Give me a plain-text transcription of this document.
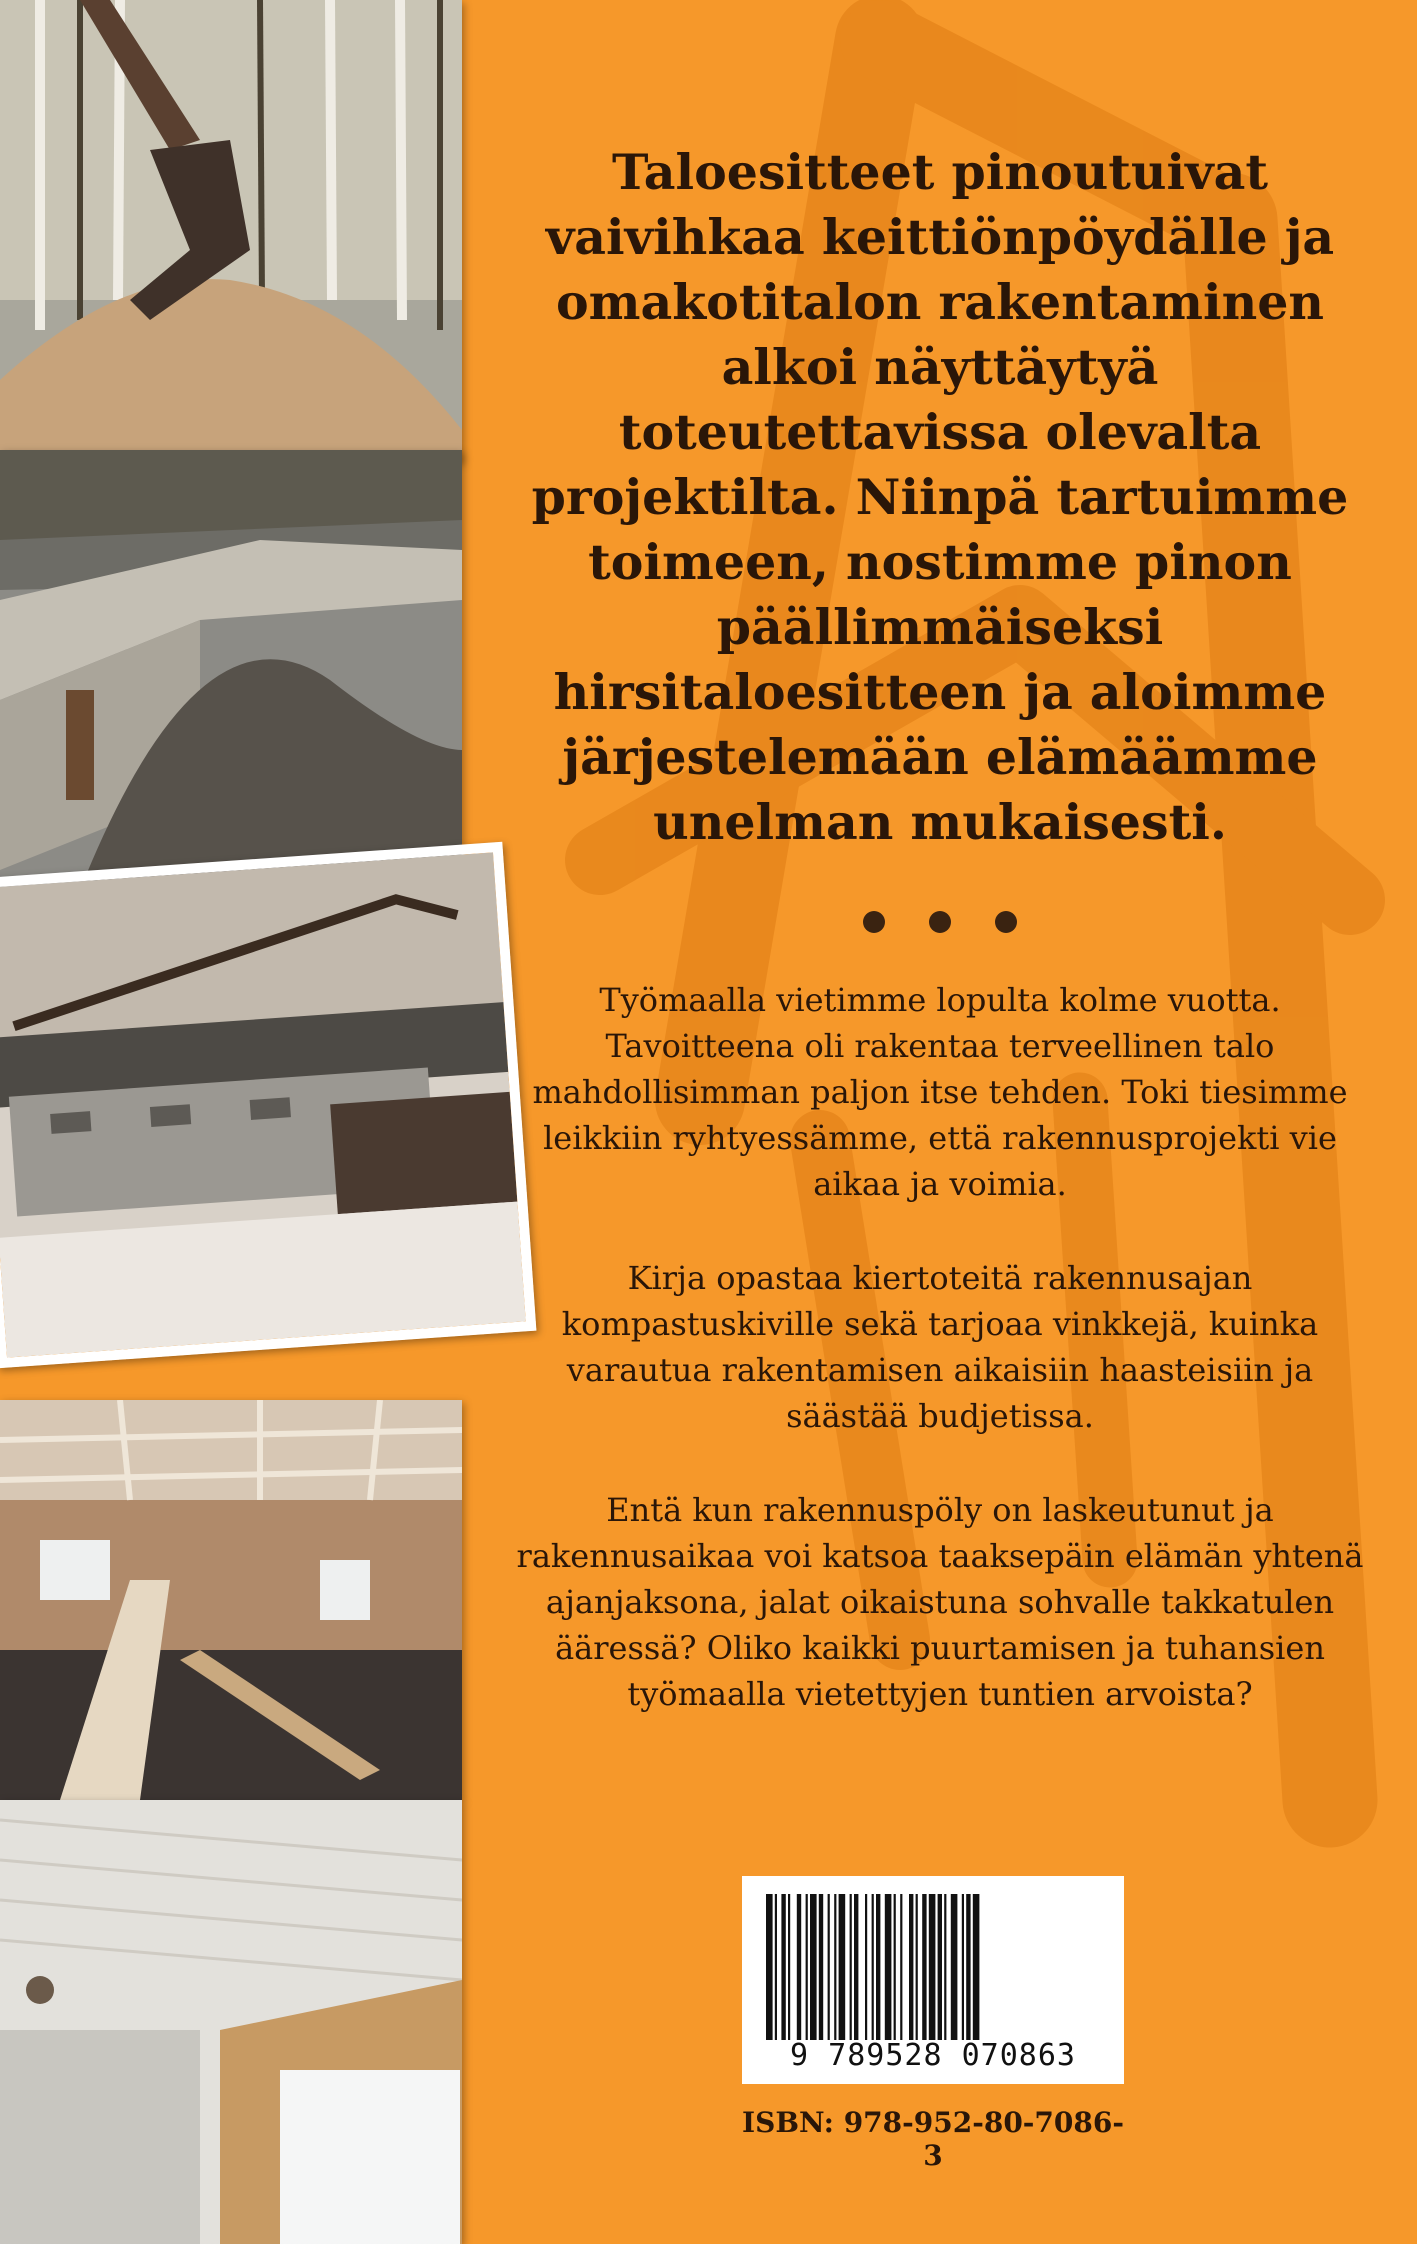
Taloesitteet pinoutuivat vaivihkaa keittiönpöydälle ja omakotitalon rakentaminen alkoi näyttäytyä toteutettavissa olevalta projektilta. Niinpä tartuimme toimeen, nostimme pinon päällimmäiseksi hirsitaloesitteen ja aloimme järjestelemään elämäämme unelman mukaisesti.

Työmaalla vietimme lopulta kolme vuotta. Tavoitteena oli rakentaa terveellinen talo mahdollisimman paljon itse tehden. Toki tiesimme leikkiin ryhtyessämme, että rakennusprojekti vie aikaa ja voimia.

Kirja opastaa kiertoteitä rakennusajan kompastuskiville sekä tarjoaa vinkkejä, kuinka varautua rakentamisen aikaisiin haasteisiin ja säästää budjetissa.

Entä kun rakennuspöly on laskeutunut ja rakennusaikaa voi katsoa taaksepäin elämän yhtenä ajanjaksona, jalat oikaistuna sohvalle takkatulen ääressä? Oliko kaikki puurtamisen ja tuhansien työmaalla vietettyjen tuntien arvoista?

9 789528 070863
ISBN: 978-952-80-7086-3
